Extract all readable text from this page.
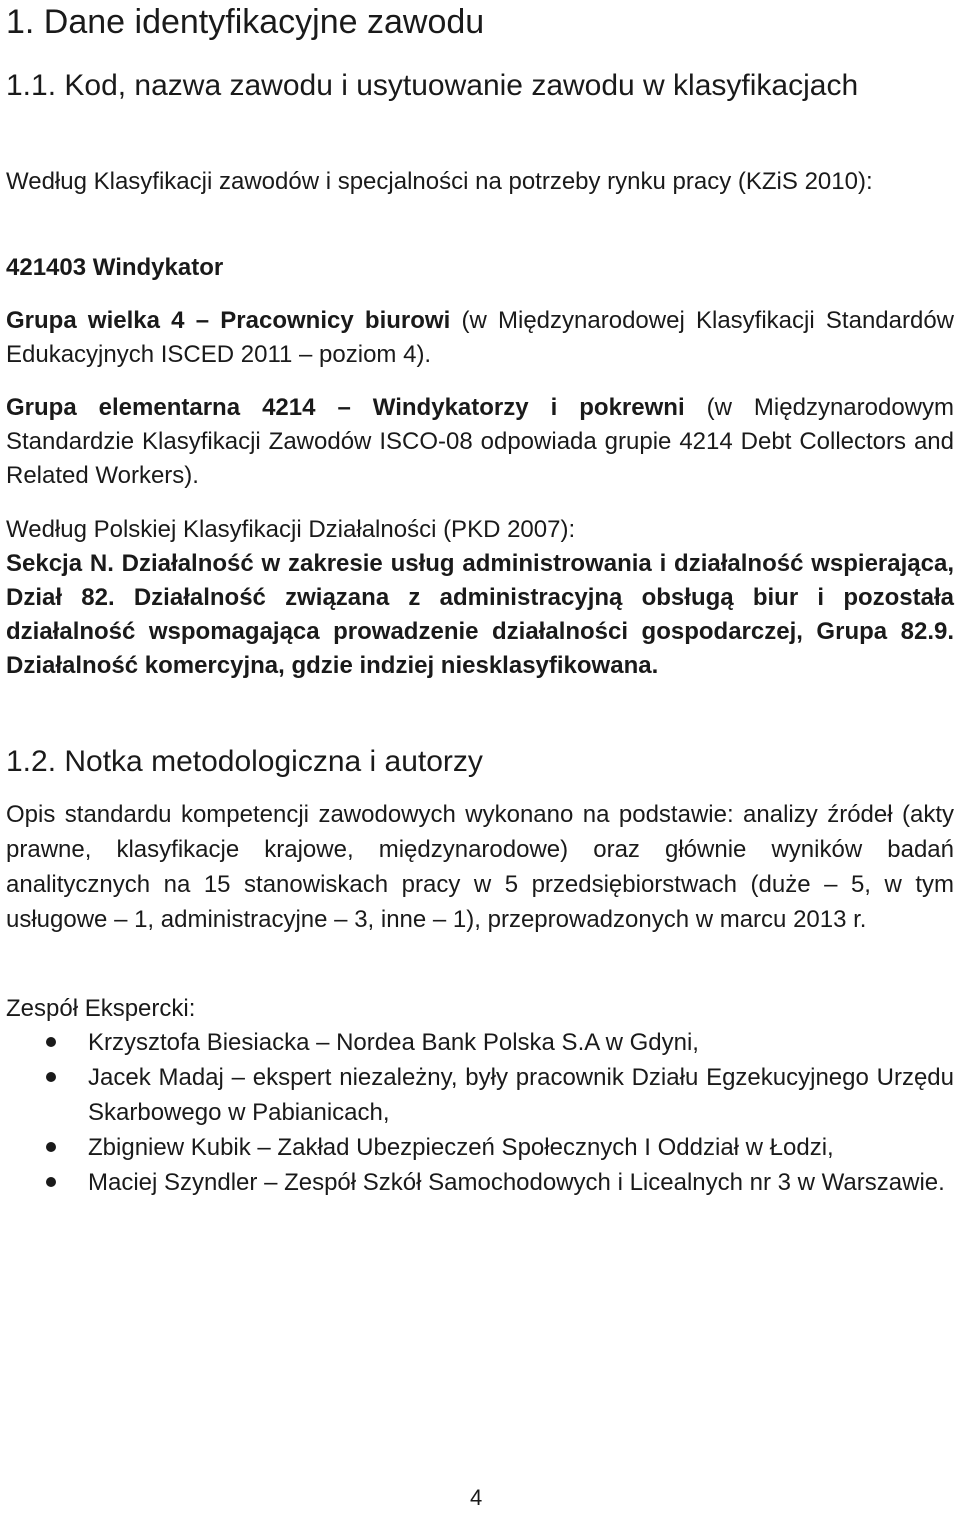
1. Dane identyfikacyjne zawodu
1.1. Kod, nazwa zawodu i usytuowanie zawodu w klasyfikacjach

Według Klasyfikacji zawodów i specjalności na potrzeby rynku pracy (KZiS 2010):

421403 Windykator

Grupa wielka 4 – Pracownicy biurowi (w Międzynarodowej Klasyfikacji Standardów Edukacyjnych ISCED 2011 – poziom 4).

Grupa elementarna 4214 – Windykatorzy i pokrewni (w Międzynarodowym Standardzie Klasyfikacji Zawodów ISCO-08 odpowiada grupie 4214 Debt Collectors and Related Workers).

Według Polskiej Klasyfikacji Działalności (PKD 2007):

Sekcja N. Działalność w zakresie usług administrowania i działalność wspierająca, Dział 82. Działalność związana z administracyjną obsługą biur i pozostała działalność wspomagająca prowadzenie działalności gospodarczej, Grupa 82.9. Działalność komercyjna, gdzie indziej niesklasyfikowana.

1.2. Notka metodologiczna i autorzy

Opis standardu kompetencji zawodowych wykonano na podstawie: analizy źródeł (akty prawne, klasyfikacje krajowe, międzynarodowe) oraz głównie wyników badań analitycznych na 15 stanowiskach pracy w 5 przedsiębiorstwach (duże – 5, w tym usługowe – 1, administracyjne – 3, inne – 1), przeprowadzonych w marcu 2013 r.

Zespół Ekspercki:

Krzysztofa Biesiacka – Nordea Bank Polska S.A w Gdyni,
Jacek Madaj – ekspert niezależny, były pracownik Działu Egzekucyjnego Urzędu Skarbowego w Pabianicach,
Zbigniew Kubik – Zakład Ubezpieczeń Społecznych I Oddział w Łodzi,
Maciej Szyndler – Zespół Szkół Samochodowych i Licealnych nr 3 w Warszawie.
4
